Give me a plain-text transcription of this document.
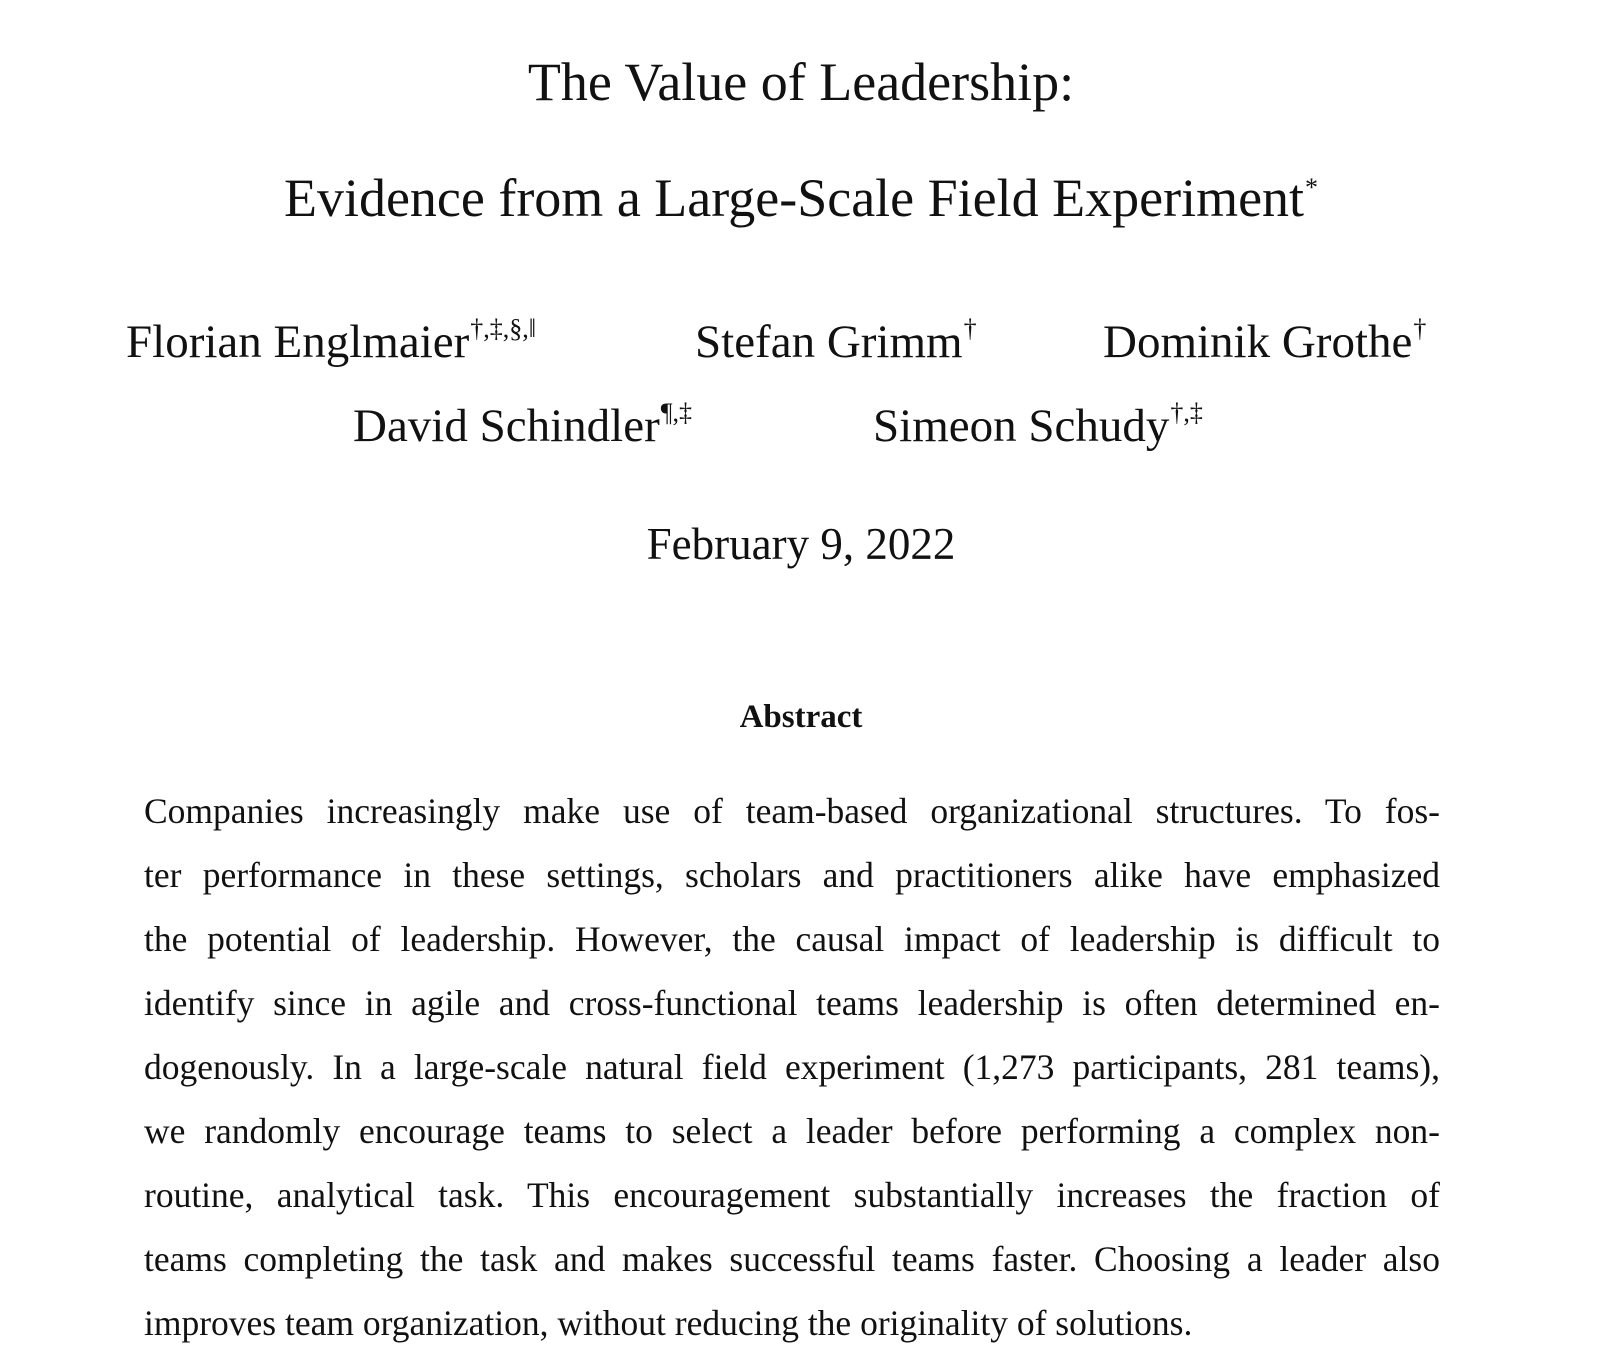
The Value of Leadership:
Evidence from a Large-Scale Field Experiment*
Florian Englmaier†,‡,§,‖	Stefan Grimm†	Dominik Grothe†
David Schindler¶,‡	Simeon Schudy†,‡
February 9, 2022
Abstract
Companies increasingly make use of team-based organizational structures. To fos-
ter performance in these settings, scholars and practitioners alike have emphasized
the potential of leadership. However, the causal impact of leadership is difficult to
identify since in agile and cross-functional teams leadership is often determined en-
dogenously. In a large-scale natural field experiment (1,273 participants, 281 teams),
we randomly encourage teams to select a leader before performing a complex non-
routine, analytical task. This encouragement substantially increases the fraction of
teams completing the task and makes successful teams faster. Choosing a leader also
improves team organization, without reducing the originality of solutions.
